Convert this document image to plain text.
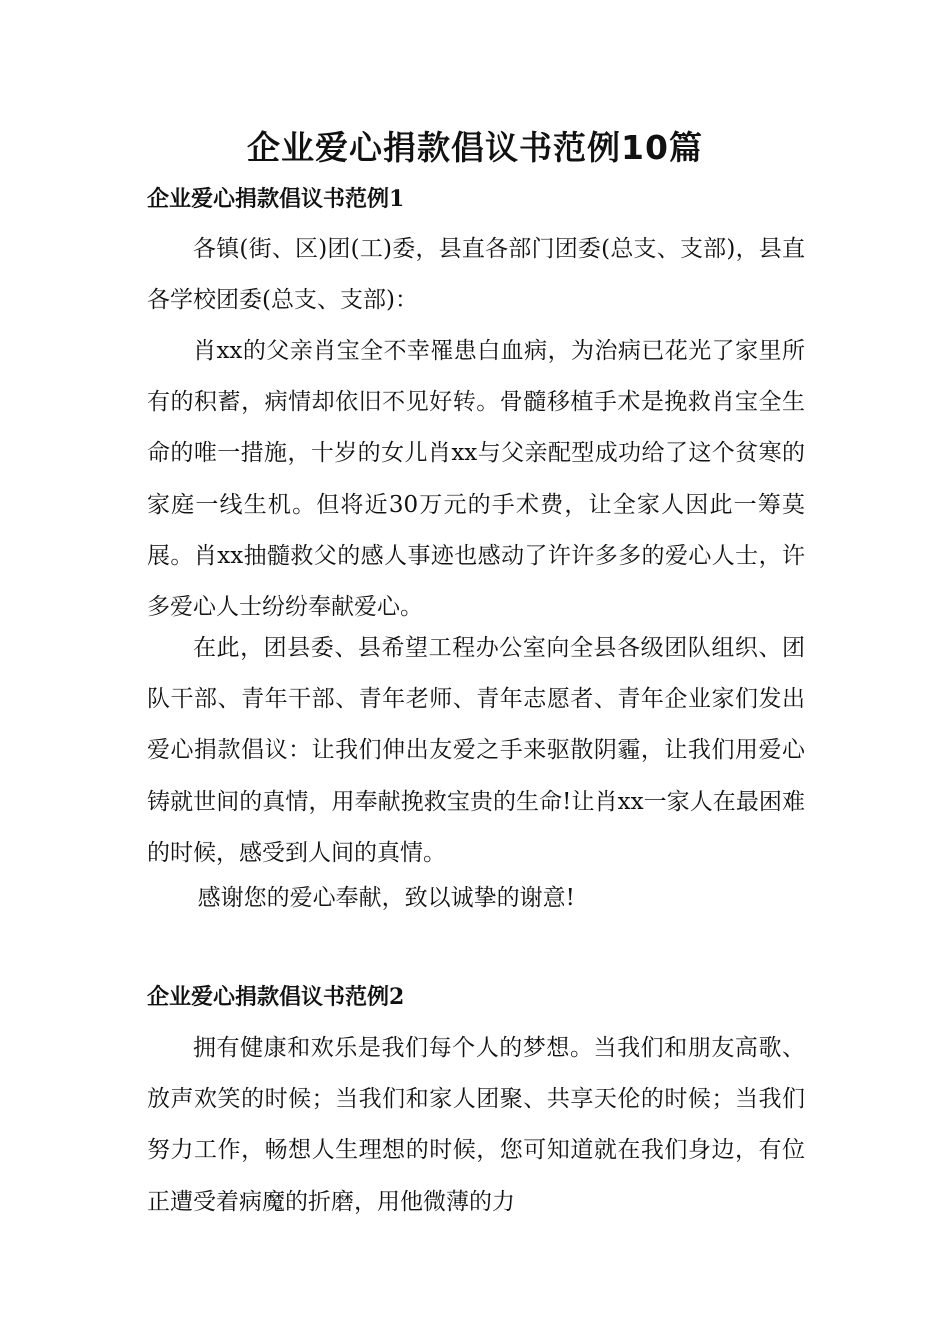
企业爱心捐款倡议书范例10篇
企业爱心捐款倡议书范例1

各镇(街、区)团(工)委，县直各部门团委(总支、支部)，县直各学校团委(总支、支部)：

肖xx的父亲肖宝全不幸罹患白血病，为治病已花光了家里所有的积蓄，病情却依旧不见好转。骨髓移植手术是挽救肖宝全生命的唯一措施，十岁的女儿肖xx与父亲配型成功给了这个贫寒的家庭一线生机。但将近30万元的手术费，让全家人因此一筹莫展。肖xx抽髓救父的感人事迹也感动了许许多多的爱心人士，许多爱心人士纷纷奉献爱心。

在此，团县委、县希望工程办公室向全县各级团队组织、团队干部、青年干部、青年老师、青年志愿者、青年企业家们发出爱心捐款倡议：让我们伸出友爱之手来驱散阴霾，让我们用爱心铸就世间的真情，用奉献挽救宝贵的生命!让肖xx一家人在最困难的时候，感受到人间的真情。

感谢您的爱心奉献，致以诚挚的谢意!

企业爱心捐款倡议书范例2

拥有健康和欢乐是我们每个人的梦想。当我们和朋友高歌、放声欢笑的时候；当我们和家人团聚、共享天伦的时候；当我们努力工作，畅想人生理想的时候，您可知道就在我们身边，有位正遭受着病魔的折磨，用他微薄的力
